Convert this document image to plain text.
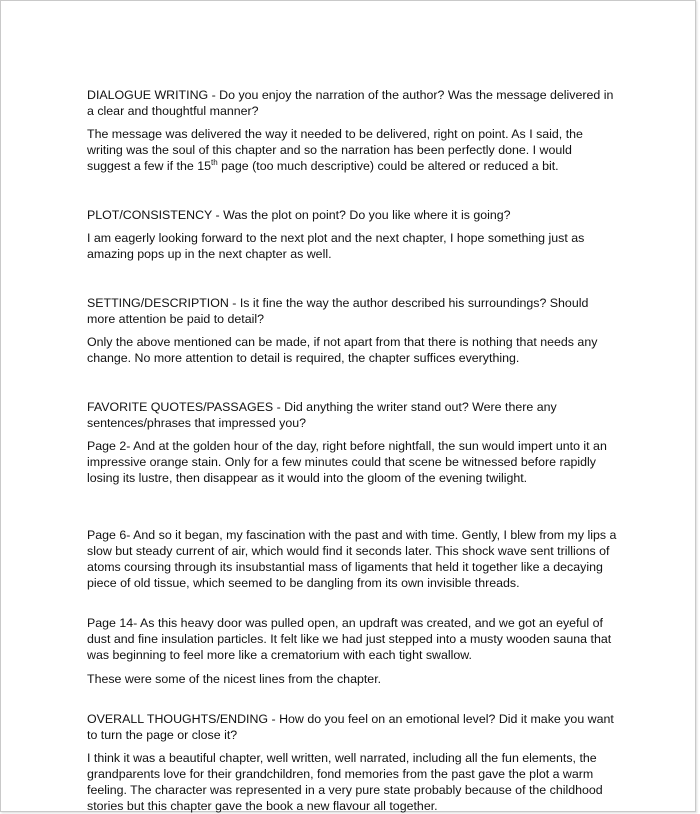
DIALOGUE WRITING - Do you enjoy the narration of the author? Was the message delivered in a clear and thoughtful manner?

The message was delivered the way it needed to be delivered, right on point. As I said, the writing was the soul of this chapter and so the narration has been perfectly done. I would suggest a few if the 15th page (too much descriptive) could be altered or reduced a bit.

PLOT/CONSISTENCY - Was the plot on point? Do you like where it is going?

I am eagerly looking forward to the next plot and the next chapter, I hope something just as amazing pops up in the next chapter as well.

SETTING/DESCRIPTION - Is it fine the way the author described his surroundings? Should more attention be paid to detail?

Only the above mentioned can be made, if not apart from that there is nothing that needs any change. No more attention to detail is required, the chapter suffices everything.

FAVORITE QUOTES/PASSAGES - Did anything the writer stand out? Were there any sentences/phrases that impressed you?

Page 2- And at the golden hour of the day, right before nightfall, the sun would impert unto it an impressive orange stain. Only for a few minutes could that scene be witnessed before rapidly losing its lustre, then disappear as it would into the gloom of the evening twilight.

Page 6- And so it began, my fascination with the past and with time. Gently, I blew from my lips a slow but steady current of air, which would find it seconds later. This shock wave sent trillions of atoms coursing through its insubstantial mass of ligaments that held it together like a decaying piece of old tissue, which seemed to be dangling from its own invisible threads.

Page 14- As this heavy door was pulled open, an updraft was created, and we got an eyeful of dust and fine insulation particles. It felt like we had just stepped into a musty wooden sauna that was beginning to feel more like a crematorium with each tight swallow.

These were some of the nicest lines from the chapter.

OVERALL THOUGHTS/ENDING - How do you feel on an emotional level? Did it make you want to turn the page or close it?

I think it was a beautiful chapter, well written, well narrated, including all the fun elements, the grandparents love for their grandchildren, fond memories from the past gave the plot a warm feeling. The character was represented in a very pure state probably because of the childhood stories but this chapter gave the book a new flavour all together.
